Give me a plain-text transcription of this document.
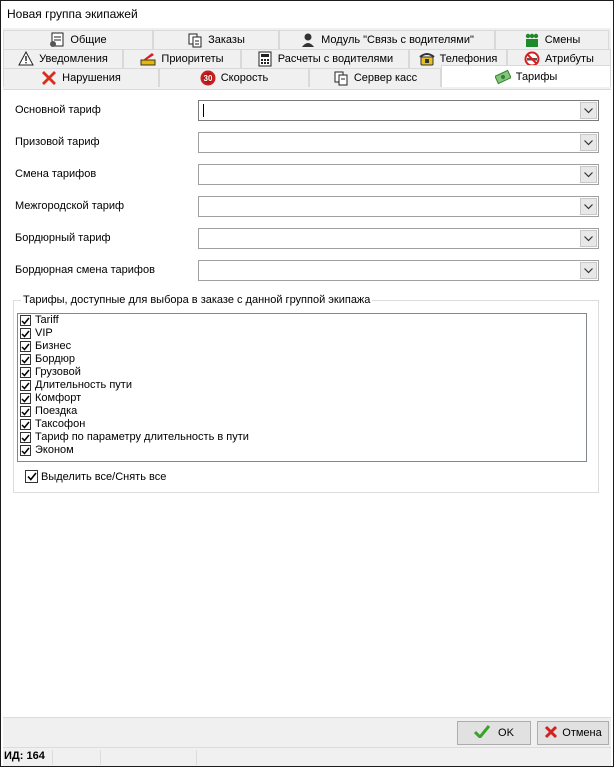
Новая группа экипажей
Общие	Заказы	Модуль "Связь с водителями"	Смены
Уведомления	Приоритеты	Расчеты с водителями	Телефония	Атрибуты
Нарушения	30 Скорость	Сервер касс	Тарифы
Основной тариф
Призовой тариф
Смена тарифов
Межгородской тариф
Бордюрный тариф
Бордюрная смена тарифов
Тарифы, доступные для выбора в заказе с данной группой экипажа
Tariff
VIP
Бизнес
Бордюр
Грузовой
Длительность пути
Комфорт
Поездка
Таксофон
Тариф по параметру длительность в пути
Эконом
Выделить все/Снять все
OK	Отмена
ИД: 164
